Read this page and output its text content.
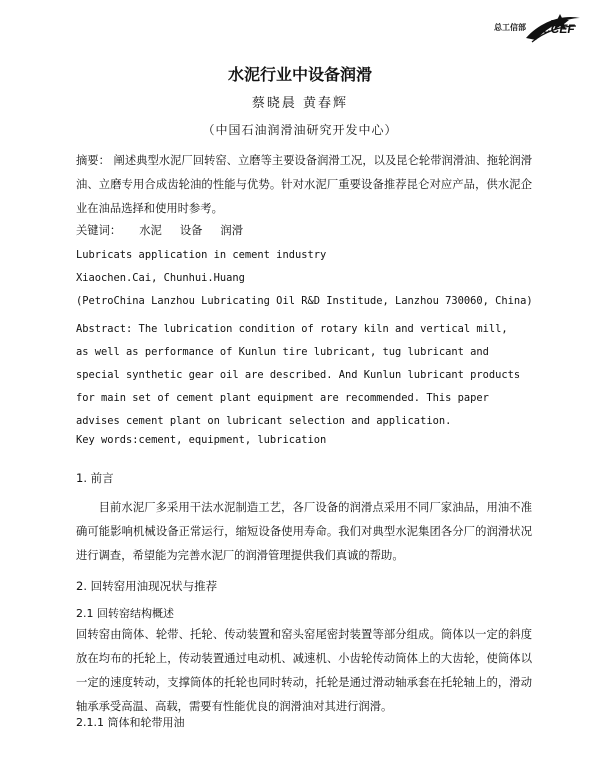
总工信部 CCEF
水泥行业中设备润滑
蔡晓晨 黄春辉
（中国石油润滑油研究开发中心）
摘要： 阐述典型水泥厂回转窑、立磨等主要设备润滑工况，以及昆仑轮带润滑油、拖轮润滑油、立磨专用合成齿轮油的性能与优势。针对水泥厂重要设备推荐昆仑对应产品，供水泥企业在油品选择和使用时参考。
关键词： 水泥 设备 润滑
Lubricats application in cement industry
Xiaochen.Cai, Chunhui.Huang
(PetroChina Lanzhou Lubricating Oil R&D Institude, Lanzhou 730060, China)
Abstract: The lubrication condition of rotary kiln and vertical mill, as well as performance of Kunlun tire lubricant, tug lubricant and special synthetic gear oil are described. And Kunlun lubricant products for main set of cement plant equipment are recommended. This paper advises cement plant on lubricant selection and application.
Key words:cement, equipment, lubrication
1. 前言
目前水泥厂多采用干法水泥制造工艺，各厂设备的润滑点采用不同厂家油品，用油不准确可能影响机械设备正常运行，缩短设备使用寿命。我们对典型水泥集团各分厂的润滑状况进行调查，希望能为完善水泥厂的润滑管理提供我们真诚的帮助。
2. 回转窑用油现况状与推荐
2.1 回转窑结构概述
回转窑由筒体、轮带、托轮、传动装置和窑头窑尾密封装置等部分组成。筒体以一定的斜度放在均布的托轮上，传动装置通过电动机、减速机、小齿轮传动筒体上的大齿轮，使筒体以一定的速度转动，支撑筒体的托轮也同时转动，托轮是通过滑动轴承套在托轮轴上的，滑动轴承承受高温、高载，需要有性能优良的润滑油对其进行润滑。
2.1.1 筒体和轮带用油
